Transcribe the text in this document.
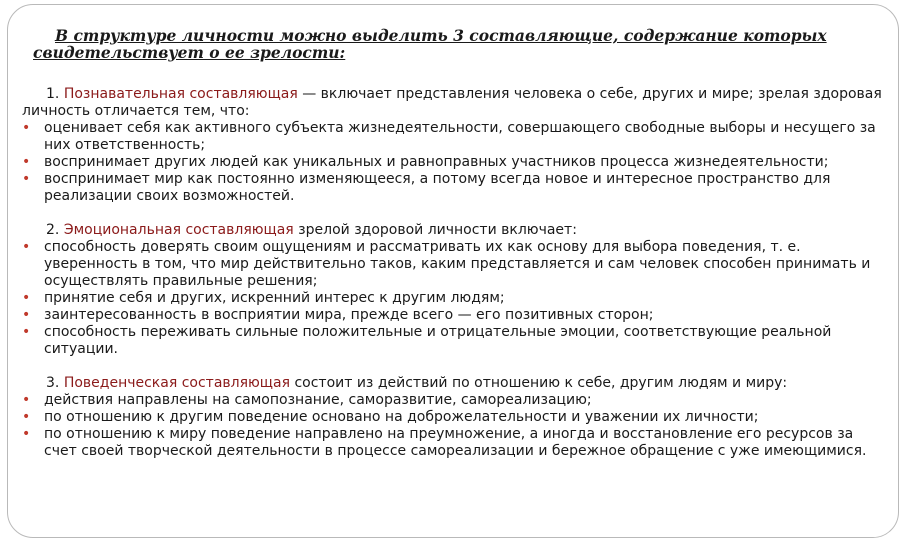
В структуре личности можно выделить 3 составляющие, содержание которых свидетельствует о ее зрелости:

1. Познавательная составляющая — включает представления человека о себе, других и мире; зрелая здоровая личность отличается тем, что:

• оценивает себя как активного субъекта жизнедеятельности, совершающего свободные выборы и несущего за них ответственность;
• воспринимает других людей как уникальных и равноправных участников процесса жизнедеятельности;
• воспринимает мир как постоянно изменяющееся, а потому всегда новое и интересное пространство для реализации своих возможностей.

2. Эмоциональная составляющая зрелой здоровой личности включает:

• способность доверять своим ощущениям и рассматривать их как основу для выбора поведения, т. е. уверенность в том, что мир действительно таков, каким представляется и сам человек способен принимать и осуществлять правильные решения;
• принятие себя и других, искренний интерес к другим людям;
• заинтересованность в восприятии мира, прежде всего — его позитивных сторон;
• способность переживать сильные положительные и отрицательные эмоции, соответствующие реальной ситуации.

3. Поведенческая составляющая состоит из действий по отношению к себе, другим людям и миру:

• действия направлены на самопознание, саморазвитие, самореализацию;
• по отношению к другим поведение основано на доброжелательности и уважении их личности;
• по отношению к миру поведение направлено на преумножение, а иногда и восстановление его ресурсов за счет своей творческой деятельности в процессе самореализации и бережное обращение с уже имеющимися.
